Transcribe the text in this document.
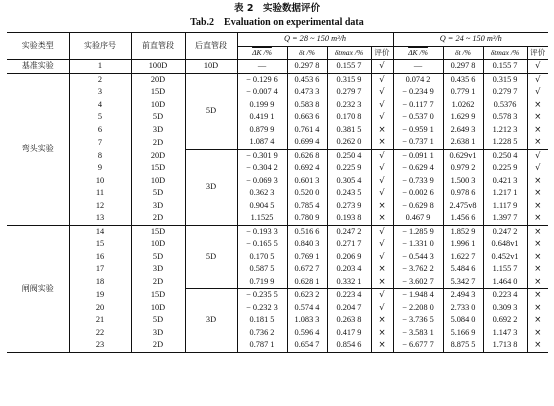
表 2　实验数据评价
Tab.2　Evaluation on experimental data
实验类型	实验序号	前直管段	后直管段	Q = 28 ~ 150 m³/h				Q = 24 ~ 150 m³/h			
				ΔK /%	δt /%	δtmax /%	评价	ΔK /%	δt /%	δtmax /%	评价
基准实验	1	100D	10D	—	0.297 8	0.155 7	√	—	0.297 8	0.155 7	√
弯头实验	2	20D	5D	− 0.129 6	0.453 6	0.315 9	√	0.074 2	0.435 6	0.315 9	√
	3	15D		− 0.007 4	0.473 3	0.279 7	√	− 0.234 9	0.779 1	0.279 7	√
	4	10D		0.199 9	0.583 8	0.232 3	√	− 0.117 7	1.0262	0.5376	×
	5	5D		0.419 1	0.663 6	0.170 8	√	− 0.537 0	1.629 9	0.578 3	×
	6	3D		0.879 9	0.761 4	0.381 5	×	− 0.959 1	2.649 3	1.212 3	×
	7	2D		1.087 4	0.699 4	0.262 0	×	− 0.737 1	2.638 1	1.228 5	×
	8	20D	3D	− 0.301 9	0.626 8	0.250 4	√	− 0.091 1	0.629v1	0.250 4	√
	9	15D		− 0.304 2	0.692 4	0.225 9	√	− 0.629 4	0.979 2	0.225 9	√
	10	10D		− 0.069 3	0.601 3	0.305 4	√	− 0.733 9	1.500 3	0.421 3	×
	11	5D		0.362 3	0.520 0	0.243 5	√	− 0.002 6	0.978 6	1.217 1	×
	12	3D		0.904 5	0.785 4	0.273 9	×	− 0.629 8	2.475v8	1.117 9	×
	13	2D		1.1525	0.780 9	0.193 8	×	0.467 9	1.456 6	1.397 7	×
闸阀实验	14	15D	5D	− 0.193 3	0.516 6	0.247 2	√	− 1.285 9	1.852 9	0.247 2	×
	15	10D		− 0.165 5	0.840 3	0.271 7	√	− 1.331 0	1.996 1	0.648v1	×
	16	5D		0.170 5	0.769 1	0.206 9	√	− 0.544 3	1.622 7	0.452v1	×
	17	3D		0.587 5	0.672 7	0.203 4	×	− 3.762 2	5.484 6	1.155 7	×
	18	2D		0.719 9	0.628 1	0.332 1	×	− 3.602 7	5.342 7	1.464 0	×
	19	15D	3D	− 0.235 5	0.623 2	0.223 4	√	− 1.948 4	2.494 3	0.223 4	×
	20	10D		− 0.232 3	0.574 4	0.204 7	√	− 2.208 0	2.733 0	0.309 3	×
	21	5D		0.181 5	1.083 3	0.263 8	×	− 3.736 5	5.084 0	0.692 2	×
	22	3D		0.736 2	0.596 4	0.417 9	×	− 3.583 1	5.166 9	1.147 3	×
	23	2D		0.787 1	0.654 7	0.854 6	×	− 6.677 7	8.875 5	1.713 8	×
